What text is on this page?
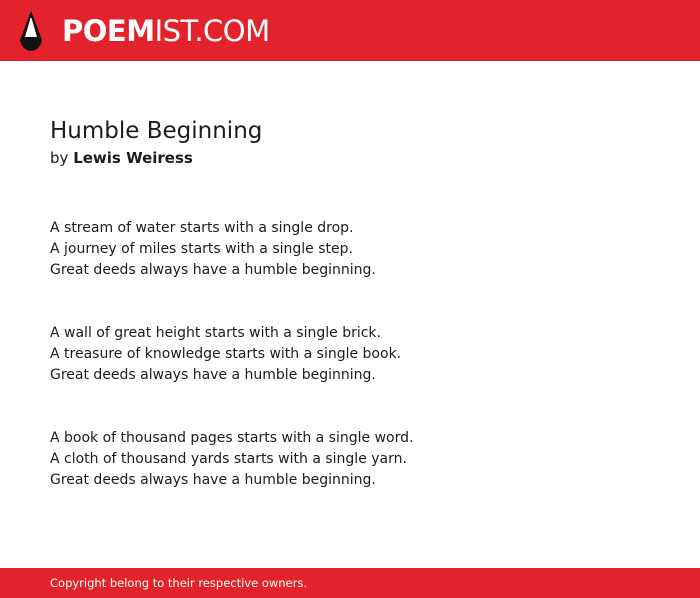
POEMIST.COM
Humble Beginning
by Lewis Weiress
A stream of water starts with a single drop.
A journey of miles starts with a single step.
Great deeds always have a humble beginning.
A wall of great height starts with a single brick.
A treasure of knowledge starts with a single book.
Great deeds always have a humble beginning.
A book of thousand pages starts with a single word.
A cloth of thousand yards starts with a single yarn.
Great deeds always have a humble beginning.
Copyright belong to their respective owners.
